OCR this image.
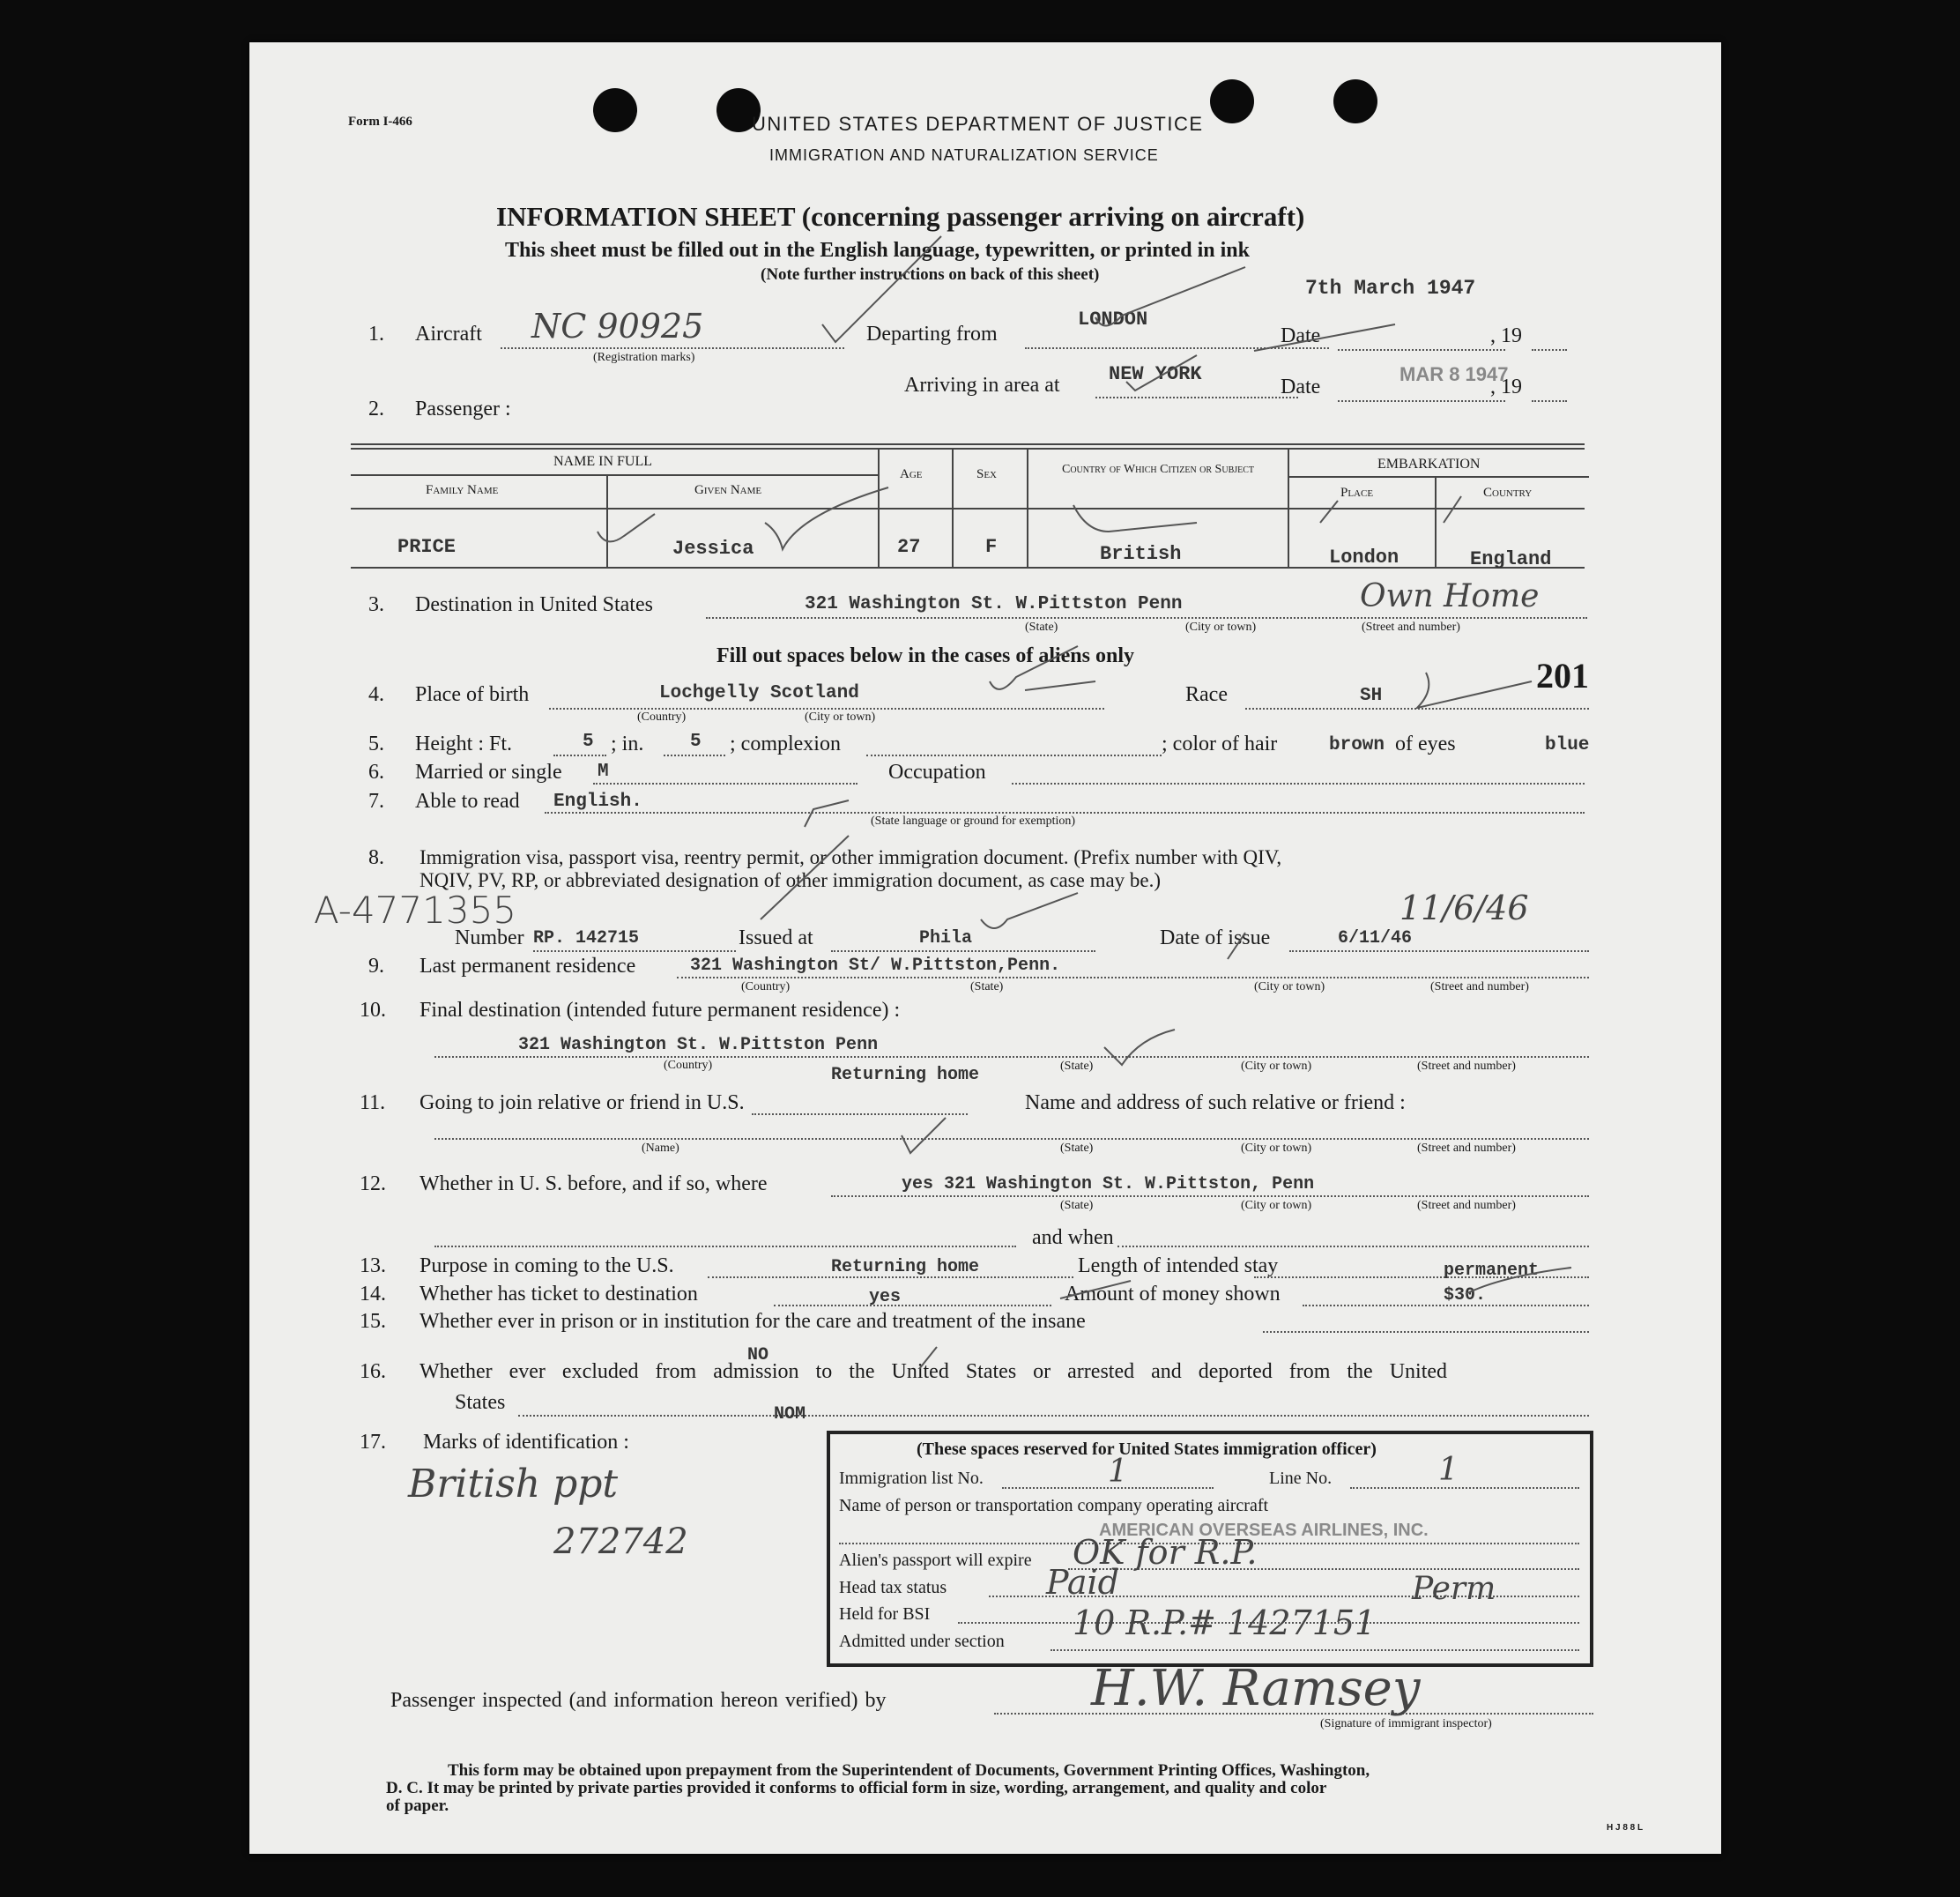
Form I-466	UNITED STATES DEPARTMENT OF JUSTICE
IMMIGRATION AND NATURALIZATION SERVICE
INFORMATION SHEET (concerning passenger arriving on aircraft)
This sheet must be filled out in the English language, typewritten, or printed in ink
(Note further instructions on back of this sheet)
1. Aircraft NC 90925
(Registration marks)
Departing from
LONDON
Date
7th March 1947
, 19
Arriving in area at	NEW YORK
Date
MAR 8 1947
, 19
2. Passenger :
NAME IN FULL
Family Name	Given Name
Age	Sex	Country of Which Citizen or Subject	EMBARKATION
Place	Country
PRICE	Jessica	27	F	British	London	England
3. Destination in United States	321 Washington St. W.Pittston Penn	Own Home
(State)	(City or town)	(Street and number)
Fill out spaces below in the cases of aliens only
4. Place of birth	Lochgelly Scotland
(Country)	(City or town)
Race	SH
201
5. Height : Ft.	5 ; in.	5 ; complexion	; color of hair	brown of eyes	blue
6. Married or single M	Occupation
7. Able to read English.
(State language or ground for exemption)
8. Immigration visa, passport visa, reentry permit, or other immigration document. (Prefix number with QIV,
NQIV, PV, RP, or abbreviated designation of other immigration document, as case may be.)
A-4771355	11/6/46
Number RP. 142715	Issued at	Phila	Date of issue	6/11/46
9. Last permanent residence	321 Washington St/ W.Pittston,Penn.
(Country)	(State)	(City or town)	(Street and number)
10. Final destination (intended future permanent residence) :
321 Washington St. W.Pittston Penn
(Country)	Returning home	(State)	(City or town)	(Street and number)
11. Going to join relative or friend in U.S.	Name and address of such relative or friend :
(Name)	(State)	(City or town)	(Street and number)
12. Whether in U. S. before, and if so, where	yes 321 Washington St. W.Pittston, Penn
(State)	(City or town)	(Street and number)
and when
13. Purpose in coming to the U.S.	Returning home	Length of intended stay	permanent
14. Whether has ticket to destination	yes	Amount of money shown	$30.
15. Whether ever in prison or in institution for the care and treatment of the insane
NO
16. Whether ever excluded from admission to the United States or arrested and deported from the United
States
NOM
17. Marks of identification :
British ppt
272742
(These spaces reserved for United States immigration officer)
Immigration list No.	1	Line No.	1
Name of person or transportation company operating aircraft
AMERICAN OVERSEAS AIRLINES, INC.
Alien's passport will expire OK for R.P.
Head tax status	Paid	Perm
Held for BSI
Admitted under section 10 R.P.# 1427151
Passenger inspected (and information hereon verified) by	H.W. Ramsey
(Signature of immigrant inspector)
This form may be obtained upon prepayment from the Superintendent of Documents, Government Printing Offices, Washington,
D. C. It may be printed by private parties provided it conforms to official form in size, wording, arrangement, and quality and color
of paper.
H J 8 8 L
